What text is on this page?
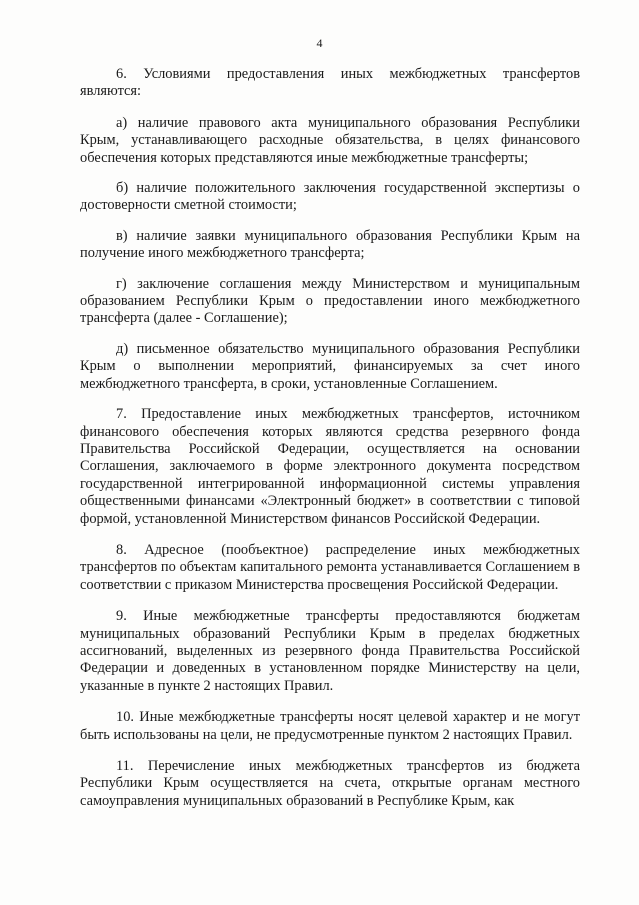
4

6. Условиями предоставления иных межбюджетных трансфертов являются:

а) наличие правового акта муниципального образования Республики Крым, устанавливающего расходные обязательства, в целях финансового обеспечения которых представляются иные межбюджетные трансферты;

б) наличие положительного заключения государственной экспертизы о достоверности сметной стоимости;

в) наличие заявки муниципального образования Республики Крым на получение иного межбюджетного трансферта;

г) заключение соглашения между Министерством и муниципальным образованием Республики Крым о предоставлении иного межбюджетного трансферта (далее - Соглашение);

д) письменное обязательство муниципального образования Республики Крым о выполнении мероприятий, финансируемых за счет иного межбюджетного трансферта, в сроки, установленные Соглашением.

7. Предоставление иных межбюджетных трансфертов, источником финансового обеспечения которых являются средства резервного фонда Правительства Российской Федерации, осуществляется на основании Соглашения, заключаемого в форме электронного документа посредством государственной интегрированной информационной системы управления общественными финансами «Электронный бюджет» в соответствии с типовой формой, установленной Министерством финансов Российской Федерации.

8. Адресное (пообъектное) распределение иных межбюджетных трансфертов по объектам капитального ремонта устанавливается Соглашением в соответствии с приказом Министерства просвещения Российской Федерации.

9. Иные межбюджетные трансферты предоставляются бюджетам муниципальных образований Республики Крым в пределах бюджетных ассигнований, выделенных из резервного фонда Правительства Российской Федерации и доведенных в установленном порядке Министерству на цели, указанные в пункте 2 настоящих Правил.

10. Иные межбюджетные трансферты носят целевой характер и не могут быть использованы на цели, не предусмотренные пунктом 2 настоящих Правил.

11. Перечисление иных межбюджетных трансфертов из бюджета Республики Крым осуществляется на счета, открытые органам местного самоуправления муниципальных образований в Республике Крым, как
